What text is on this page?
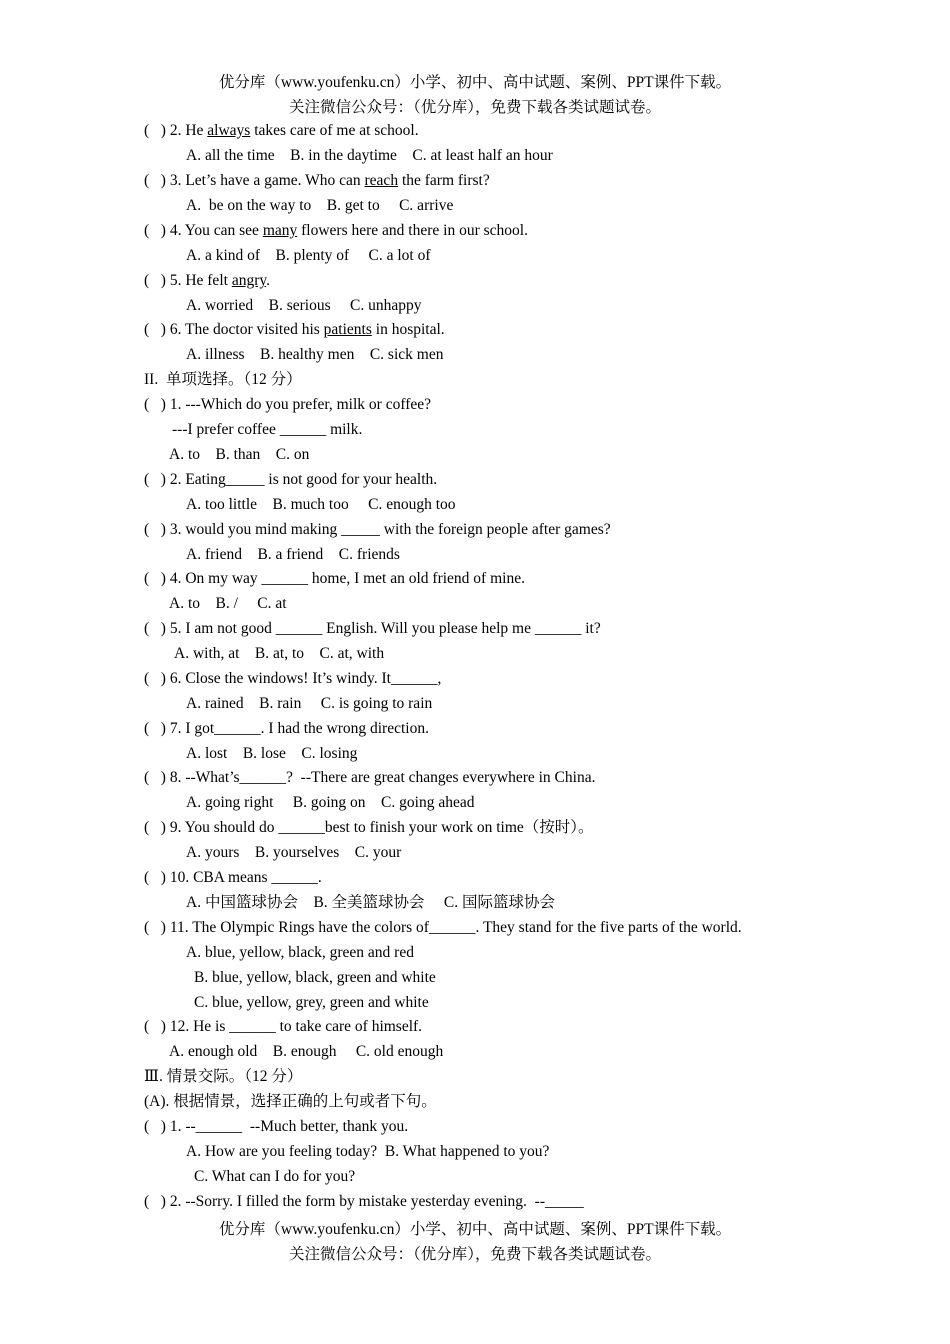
优分库（www.youfenku.cn）小学、初中、高中试题、案例、PPT课件下载。
关注微信公众号：（优分库），免费下载各类试题试卷。
(   ) 2. He always takes care of me at school.
A. all the time    B. in the daytime    C. at least half an hour
(   ) 3. Let’s have a game. Who can reach the farm first?
A.  be on the way to    B. get to     C. arrive
(   ) 4. You can see many flowers here and there in our school.
A. a kind of    B. plenty of     C. a lot of
(   ) 5. He felt angry.
A. worried    B. serious     C. unhappy
(   ) 6. The doctor visited his patients in hospital.
A. illness    B. healthy men    C. sick men
II.  单项选择。（12 分）
(   ) 1. ---Which do you prefer, milk or coffee?
---I prefer coffee ______ milk.
A. to    B. than    C. on
(   ) 2. Eating_____ is not good for your health.
A. too little    B. much too     C. enough too
(   ) 3. would you mind making _____ with the foreign people after games?
A. friend    B. a friend    C. friends
(   ) 4. On my way ______ home, I met an old friend of mine.
A. to    B. /     C. at
(   ) 5. I am not good ______ English. Will you please help me ______ it?
A. with, at    B. at, to    C. at, with
(   ) 6. Close the windows! It’s windy. It______,
A. rained    B. rain     C. is going to rain
(   ) 7. I got______. I had the wrong direction.
A. lost    B. lose    C. losing
(   ) 8. --What’s______?  --There are great changes everywhere in China.
A. going right     B. going on    C. going ahead
(   ) 9. You should do ______best to finish your work on time（按时）。
A. yours    B. yourselves    C. your
(   ) 10. CBA means ______.
A. 中国篮球协会    B. 全美篮球协会     C. 国际篮球协会
(   ) 11. The Olympic Rings have the colors of______. They stand for the five parts of the world.
A. blue, yellow, black, green and red
B. blue, yellow, black, green and white
C. blue, yellow, grey, green and white
(   ) 12. He is ______ to take care of himself.
A. enough old    B. enough     C. old enough
Ⅲ. 情景交际。（12 分）
(A). 根据情景，选择正确的上句或者下句。
(   ) 1. --______  --Much better, thank you.
A. How are you feeling today?  B. What happened to you?
C. What can I do for you?
(   ) 2. --Sorry. I filled the form by mistake yesterday evening.  --_____
优分库（www.youfenku.cn）小学、初中、高中试题、案例、PPT课件下载。
关注微信公众号：（优分库），免费下载各类试题试卷。
